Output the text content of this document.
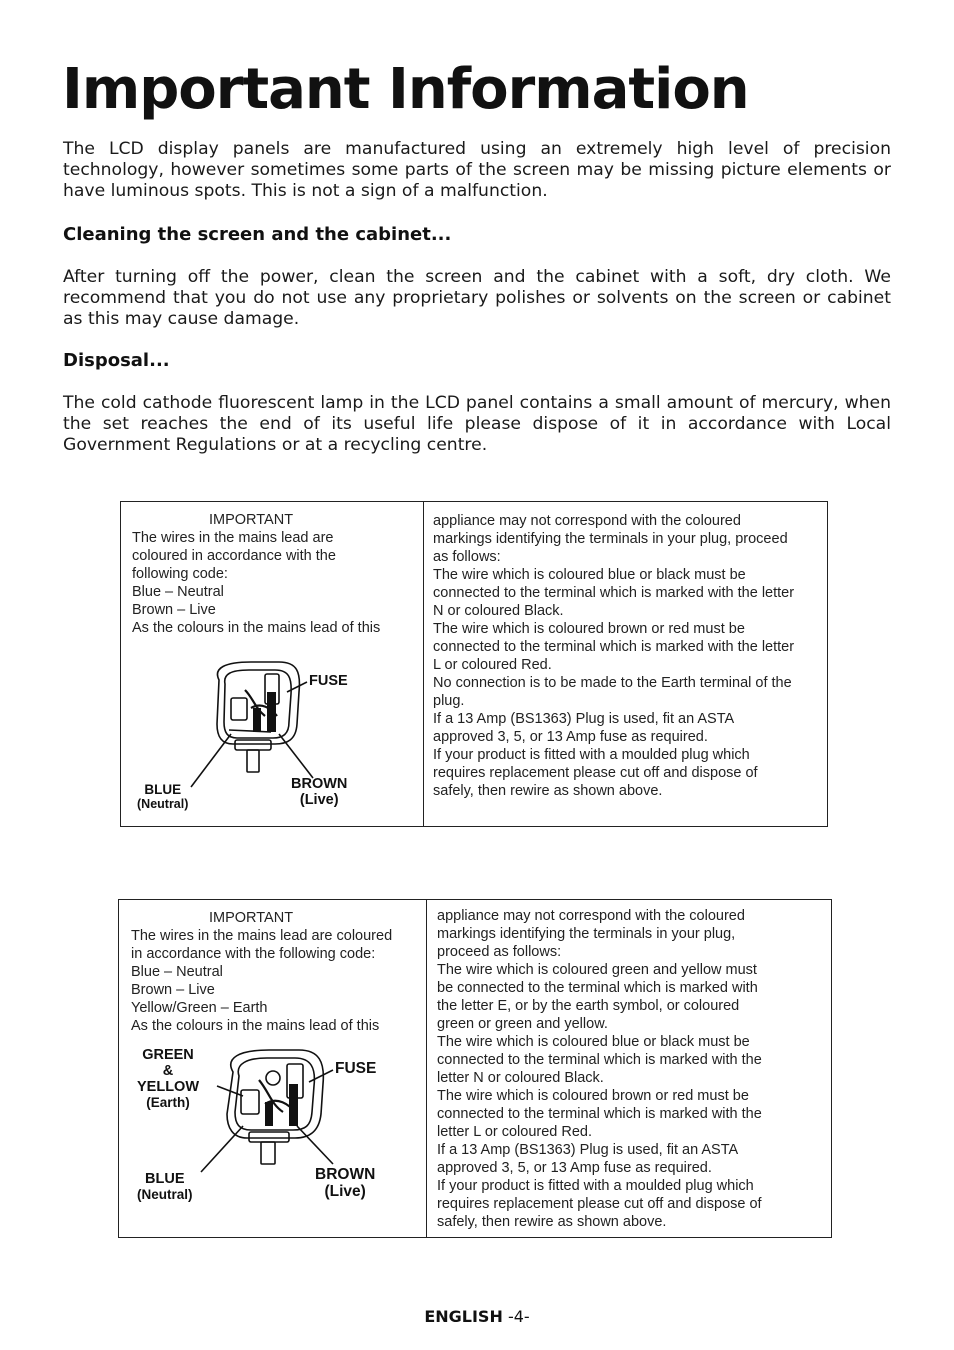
Important Information

The LCD display panels are manufactured using an extremely high level of precision technology, however sometimes some parts of the screen may be missing picture elements or have luminous spots. This is not a sign of a malfunction.

Cleaning the screen and the cabinet...

After turning off the power, clean the screen and the cabinet with a soft, dry cloth. We recommend that you do not use any proprietary polishes or solvents on the screen or cabinet as this may cause damage.

Disposal...

The cold cathode fluorescent lamp in the LCD panel contains a small amount of mercury, when the set reaches the end of its useful life please dispose of it in accordance with Local Government Regulations or at a recycling centre.

IMPORTANT
The wires in the mains lead are
coloured in accordance with the
following code:
Blue – Neutral
Brown – Live
As the colours in the mains lead of this
FUSE
BLUE
(Neutral)
BROWN
(Live)
appliance may not correspond with the coloured
markings identifying the terminals in your plug, proceed
as follows:
The wire which is coloured blue or black must be
connected to the terminal which is marked with the letter
N or coloured Black.
The wire which is coloured brown or red must be
connected to the terminal which is marked with the letter
L or coloured Red.
No connection is to be made to the Earth terminal of the
plug.
If a 13 Amp (BS1363) Plug is used, fit an ASTA
approved 3, 5, or 13 Amp fuse as required.
If your product is fitted with a moulded plug which
requires replacement please cut off and dispose of
safely, then rewire as shown above.
IMPORTANT
The wires in the mains lead are coloured
in accordance with the following code:
Blue – Neutral
Brown – Live
Yellow/Green – Earth
As the colours in the mains lead of this
GREEN
&
YELLOW
(Earth)
FUSE
BLUE
(Neutral)
BROWN
(Live)
appliance may not correspond with the coloured
markings identifying the terminals in your plug,
proceed as follows:
The wire which is coloured green and yellow must
be connected to the terminal which is marked with
the letter E, or by the earth symbol, or coloured
green or green and yellow.
The wire which is coloured blue or black must be
connected to the terminal which is marked with the
letter N or coloured Black.
The wire which is coloured brown or red must be
connected to the terminal which is marked with the
letter L or coloured Red.
If a 13 Amp (BS1363) Plug is used, fit an ASTA
approved 3, 5, or 13 Amp fuse as required.
If your product is fitted with a moulded plug which
requires replacement please cut off and dispose of
safely, then rewire as shown above.
ENGLISH -4-
